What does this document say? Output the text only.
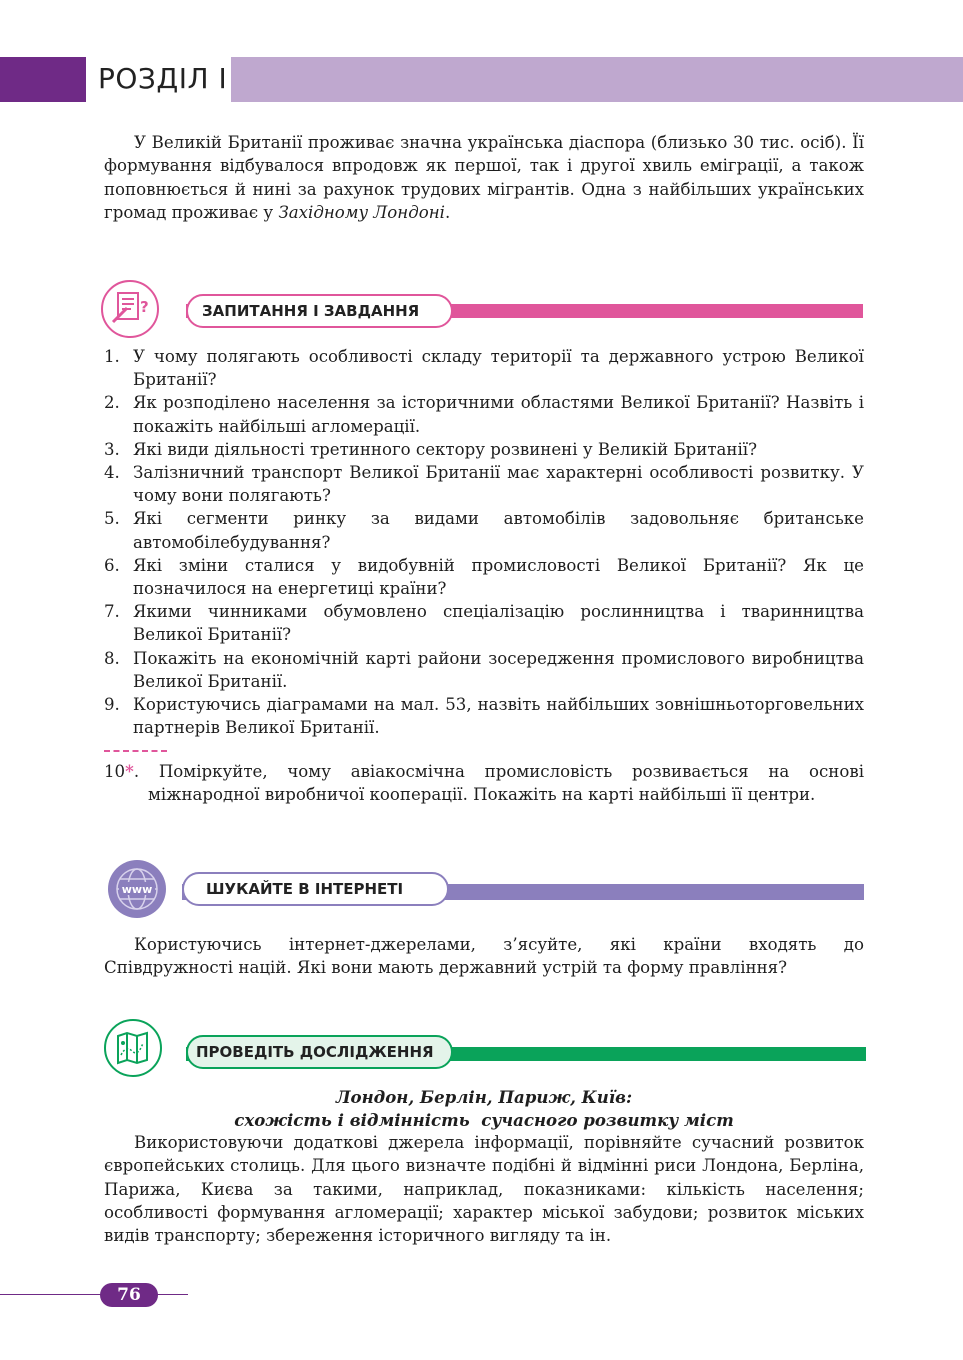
РОЗДІЛ І
У Великій Британії проживає значна українська діаспора (близько 30 тис. осіб). Її формування відбувалося впродовж як першої, так і другої хвиль еміграції, а також поповнюється й нині за рахунок трудових мігрантів. Одна з найбільших українських громад проживає у Західному Лондоні.
ЗАПИТАННЯ І ЗАВДАННЯ
?
1. У чому полягають особливості складу території та державного устрою Великої Британії?
2. Як розподілено населення за історичними областями Великої Британії? Назвіть і покажіть найбільші агломерації.
3. Які види діяльності третинного сектору розвинені у Великій Британії?
4. Залізничний транспорт Великої Британії має характерні особливості розвитку. У чому вони полягають?
5. Які сегменти ринку за видами автомобілів задовольняє британське автомобілебудування?
6. Які зміни сталися у видобувній промисловості Великої Британії? Як це позначилося на енергетиці країни?
7. Якими чинниками обумовлено спеціалізацію рослинництва і тваринництва Великої Британії?
8. Покажіть на економічній карті райони зосередження промислового виробництва Великої Британії.
9. Користуючись діаграмами на мал. 53, назвіть найбільших зовнішньоторговельних партнерів Великої Британії.
10*. Поміркуйте, чому авіакосмічна промисловість розвивається на основі міжнародної виробничої кооперації. Покажіть на карті найбільші її центри.
ШУКАЙТЕ В ІНТЕРНЕТІ
www
Користуючись інтернет-джерелами, з’ясуйте, які країни входять до Співдружності націй. Які вони мають державний устрій та форму правління?
ПРОВЕДІТЬ ДОСЛІДЖЕННЯ
Лондон, Берлін, Париж, Київ:
схожість і відмінність  сучасного розвитку міст
Використовуючи додаткові джерела інформації, порівняйте сучасний розвиток європейських столиць. Для цього визначте подібні й відмінні риси Лондона, Берліна, Парижа, Києва за такими, наприклад, показниками: кількість населення; особливості формування агломерації; характер міської забудови; розвиток міських видів транспорту; збереження історичного вигляду та ін.
76
